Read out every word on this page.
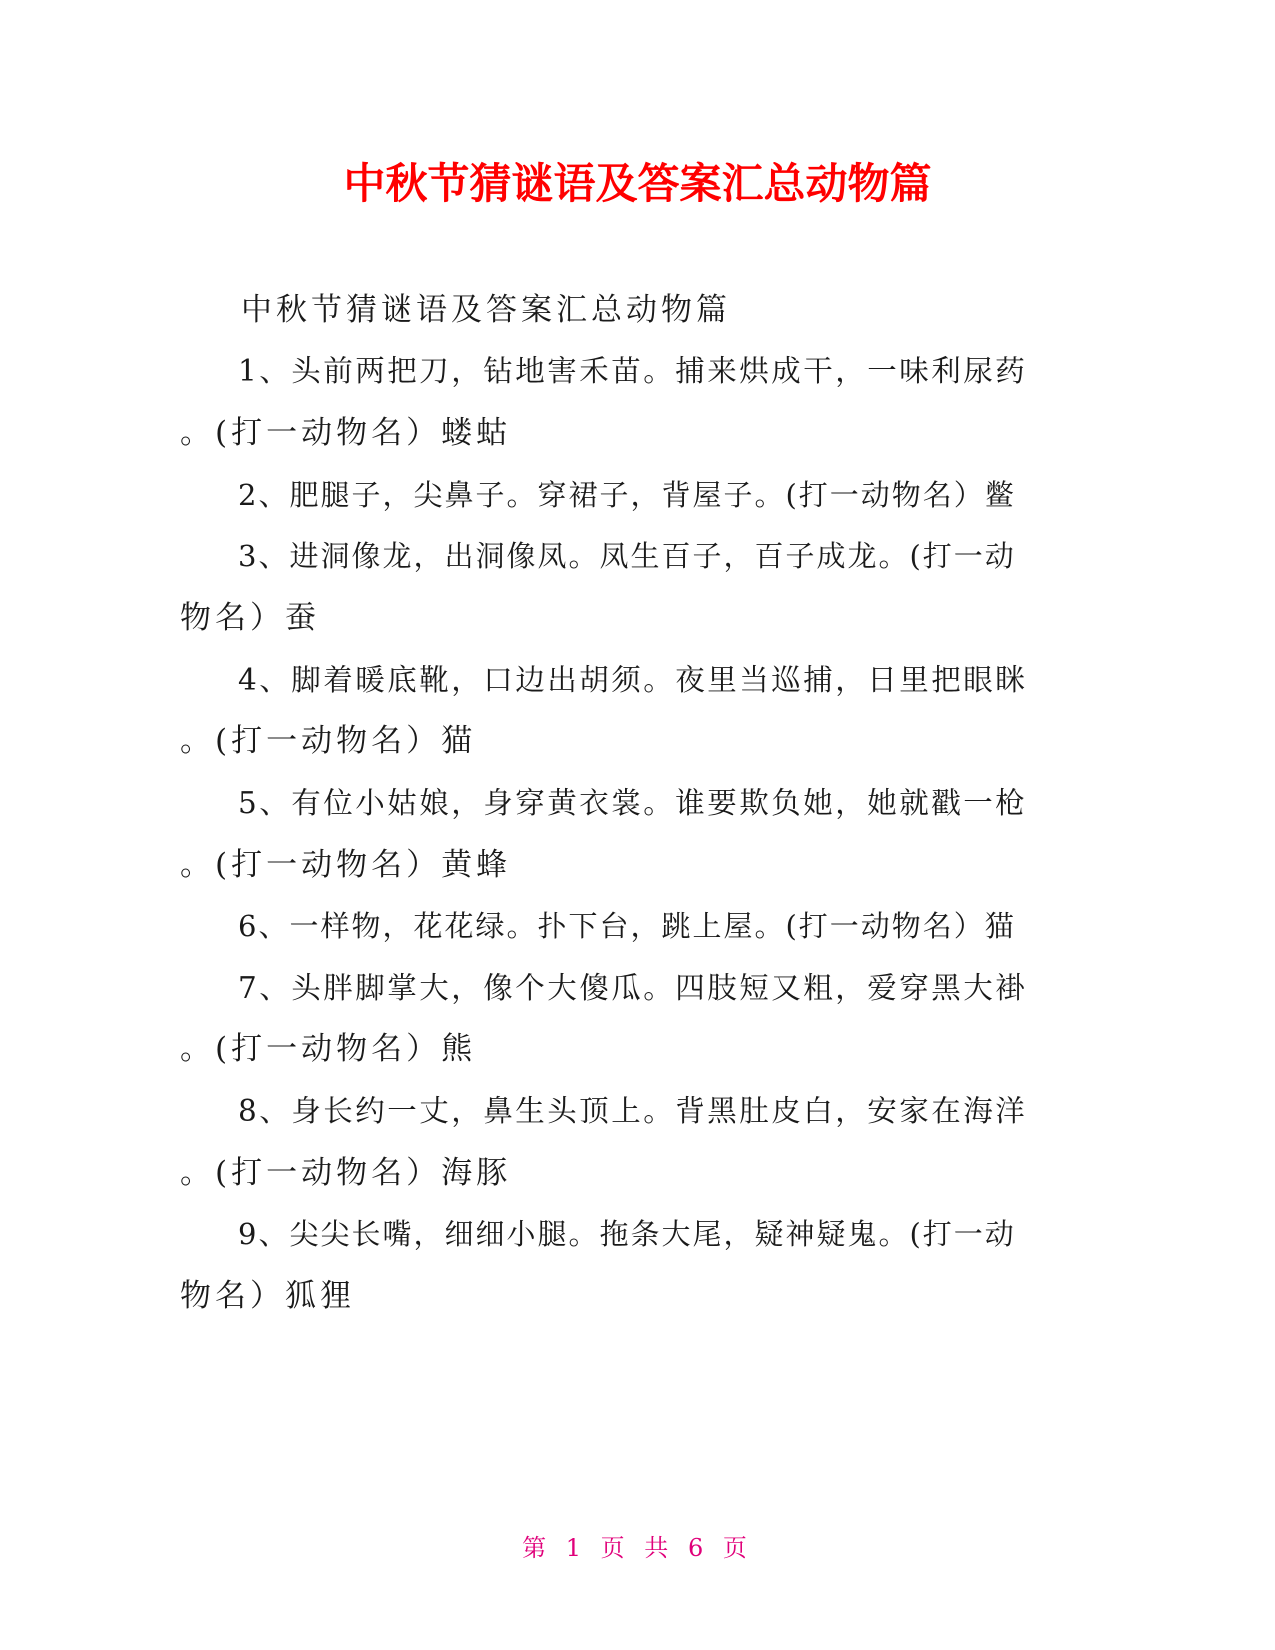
中秋节猜谜语及答案汇总动物篇
中秋节猜谜语及答案汇总动物篇
1、头前两把刀，钻地害禾苗。捕来烘成干，一味利尿药
。(打一动物名）蝼蛄
2、肥腿子，尖鼻子。穿裙子，背屋子。(打一动物名）鳖
3、进洞像龙，出洞像凤。凤生百子，百子成龙。(打一动
物名）蚕
4、脚着暖底靴，口边出胡须。夜里当巡捕，日里把眼眯
。(打一动物名）猫
5、有位小姑娘，身穿黄衣裳。谁要欺负她，她就戳一枪
。(打一动物名）黄蜂
6、一样物，花花绿。扑下台，跳上屋。(打一动物名）猫
7、头胖脚掌大，像个大傻瓜。四肢短又粗，爱穿黑大褂
。(打一动物名）熊
8、身长约一丈，鼻生头顶上。背黑肚皮白，安家在海洋
。(打一动物名）海豚
9、尖尖长嘴，细细小腿。拖条大尾，疑神疑鬼。(打一动
物名）狐狸
第 1 页 共 6 页
